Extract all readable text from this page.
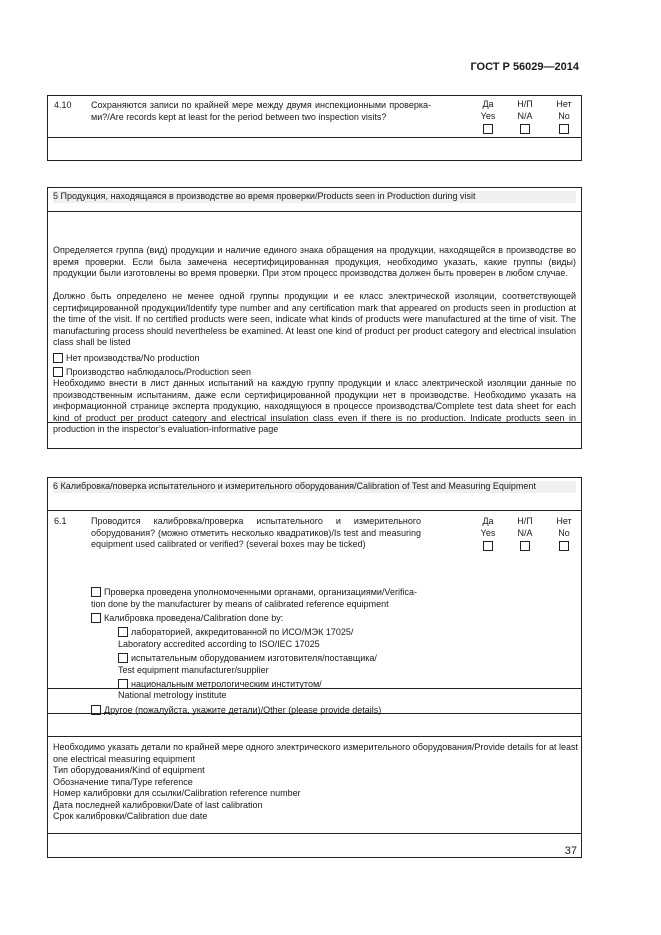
ГОСТ Р 56029—2014
4.10 Сохраняются записи по крайней мере между двумя инспекционными проверка-ми?/Are records kept at least for the period between two inspection visits?
Да
Yes
Н/П
N/A
Нет
No
5 Продукция, находящаяся в производстве во время проверки/Products seen in Production during visit
Определяется группа (вид) продукции и наличие единого знака обращения на продукции, находящейся в производстве во время проверки. Если была замечена несертифицированная продукция, необходимо указать, какие группы (виды) продукции были изготовлены во время проверки. При этом процесс производства должен быть проверен в любом случае.
Должно быть определено не менее одной группы продукции и ее класс электрической изоляции, соответствующей сертифицированной продукции/Identify type number and any certification mark that appeared on products seen in production at the time of the visit. If no certified products were seen, indicate what kinds of products were manufactured at the time of visit. The manufacturing process should nevertheless be examined. At least one kind of product per product category and electrical insulation class shall be listed
Нет производства/No production
Производство наблюдалось/Production seen
Необходимо внести в лист данных испытаний на каждую группу продукции и класс электрической изоляции данные по производственным испытаниям, даже если сертифицированной продукции нет в производстве. Необходимо указать на информационной странице эксперта продукцию, находящуюся в процессе производства/Complete test data sheet for each kind of product per product category and electrical insulation class even if there is no production. Indicate products seen in production in the inspector’s evaluation-informative page
6 Калибровка/поверка испытательного и измерительного оборудования/Calibration of Test and Measuring Equipment
6.1	Проводится калибровка/проверка испытательного и измерительного оборудования? (можно отметить несколько квадратиков)/Is test and measuring equipment used calibrated or verified? (several boxes may be ticked)
Да
Yes
Н/П
N/A
Нет
No
Проверка проведена уполномоченными органами, организациями/Verifica-
tion done by the manufacturer by means of calibrated reference equipment
Калибровка проведена/Calibration done by:
лабораторией, аккредитованной по ИСО/МЭК 17025/
Laboratory accredited according to ISO/IEC 17025
испытательным оборудованием изготовителя/поставщика/
Test equipment manufacturer/supplier
национальным метрологическим институтом/
National metrology institute
Другое (пожалуйста, укажите детали)/Other (please provide details)
Необходимо указать детали по крайней мере одного электрического измерительного оборудования/Provide details for at least one electrical measuring equipment
Тип оборудования/Kind of equipment
Обозначение типа/Type reference
Номер калибровки для ссылки/Calibration reference number
Дата последней калибровки/Date of last calibration
Срок калибровки/Calibration due date
37
